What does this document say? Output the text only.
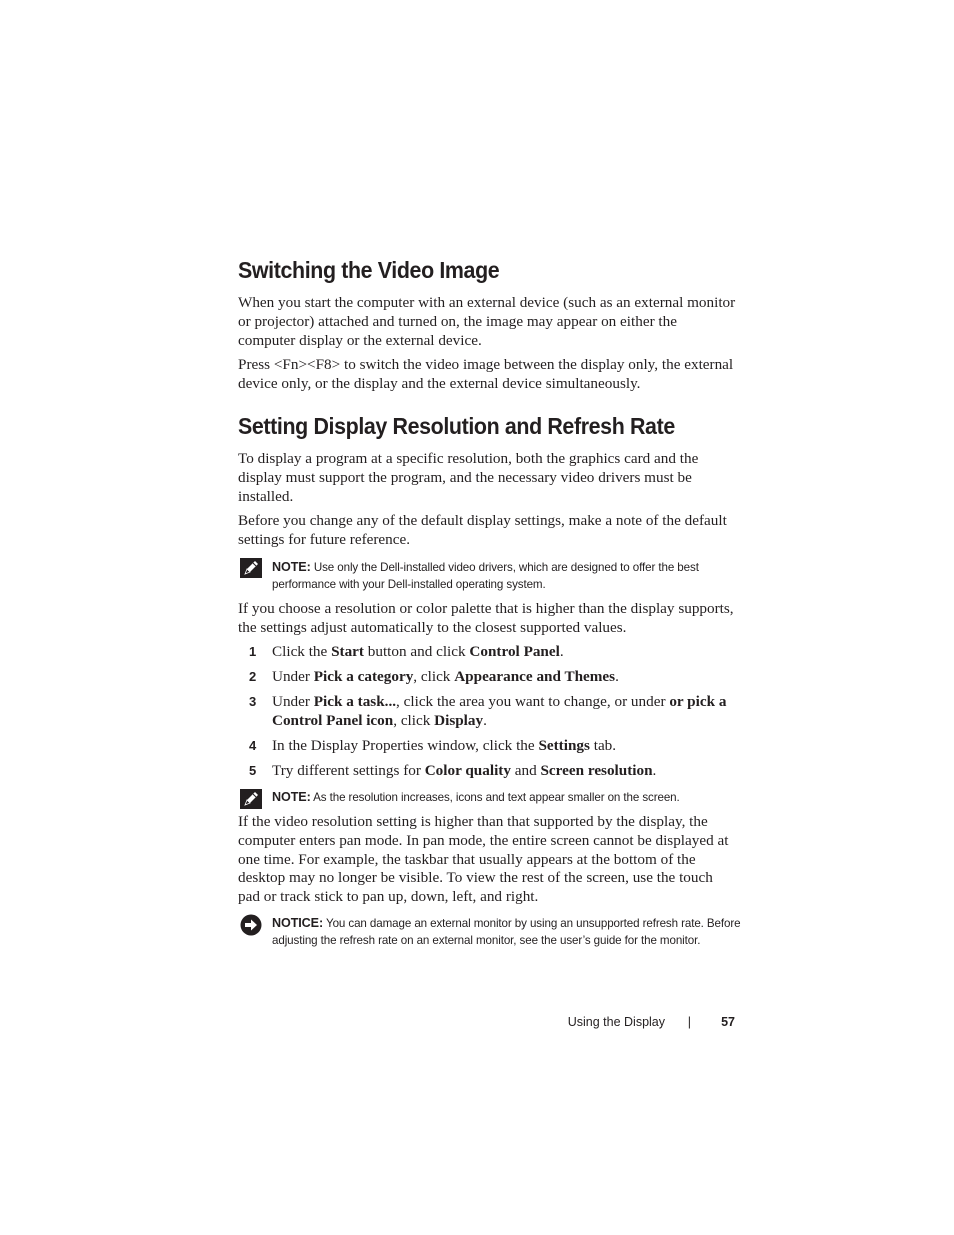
Switching the Video Image

When you start the computer with an external device (such as an external monitor or projector) attached and turned on, the image may appear on either the computer display or the external device.

Press <Fn><F8> to switch the video image between the display only, the external device only, or the display and the external device simultaneously.

Setting Display Resolution and Refresh Rate

To display a program at a specific resolution, both the graphics card and the display must support the program, and the necessary video drivers must be installed.

Before you change any of the default display settings, make a note of the default settings for future reference.

NOTE: Use only the Dell-installed video drivers, which are designed to offer the best performance with your Dell-installed operating system.

If you choose a resolution or color palette that is higher than the display supports, the settings adjust automatically to the closest supported values.

1 Click the Start button and click Control Panel.
2 Under Pick a category, click Appearance and Themes.
3 Under Pick a task..., click the area you want to change, or under or pick a Control Panel icon, click Display.
4 In the Display Properties window, click the Settings tab.
5 Try different settings for Color quality and Screen resolution.
NOTE: As the resolution increases, icons and text appear smaller on the screen.

If the video resolution setting is higher than that supported by the display, the computer enters pan mode. In pan mode, the entire screen cannot be displayed at one time. For example, the taskbar that usually appears at the bottom of the desktop may no longer be visible. To view the rest of the screen, use the touch pad or track stick to pan up, down, left, and right.

NOTICE: You can damage an external monitor by using an unsupported refresh rate. Before adjusting the refresh rate on an external monitor, see the user’s guide for the monitor.
Using the Display | 57
